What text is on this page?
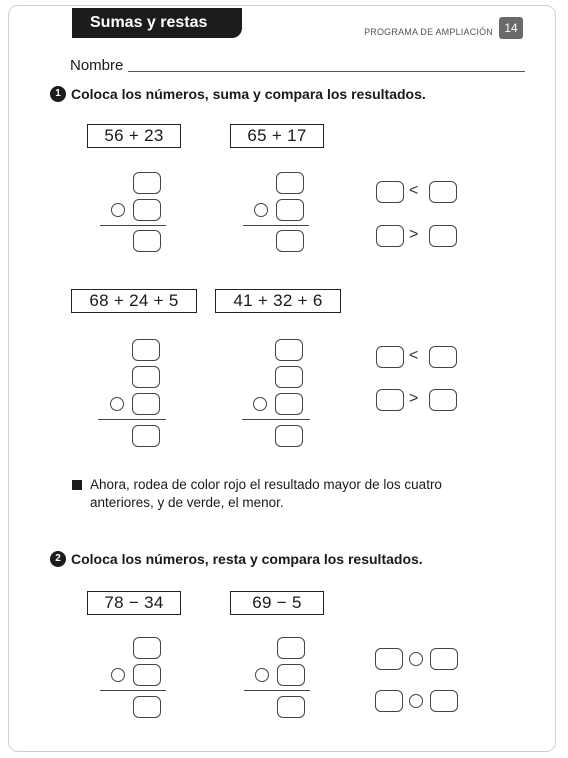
Sumas y restas
PROGRAMA DE AMPLIACIÓN 14
Nombre
1 Coloca los números, suma y compara los resultados.
56 + 23	65 + 17
<
>
68 + 24 + 5	41 + 32 + 6
<
>
Ahora, rodea de color rojo el resultado mayor de los cuatro anteriores, y de verde, el menor.
2 Coloca los números, resta y compara los resultados.
78 − 34	69 − 5
